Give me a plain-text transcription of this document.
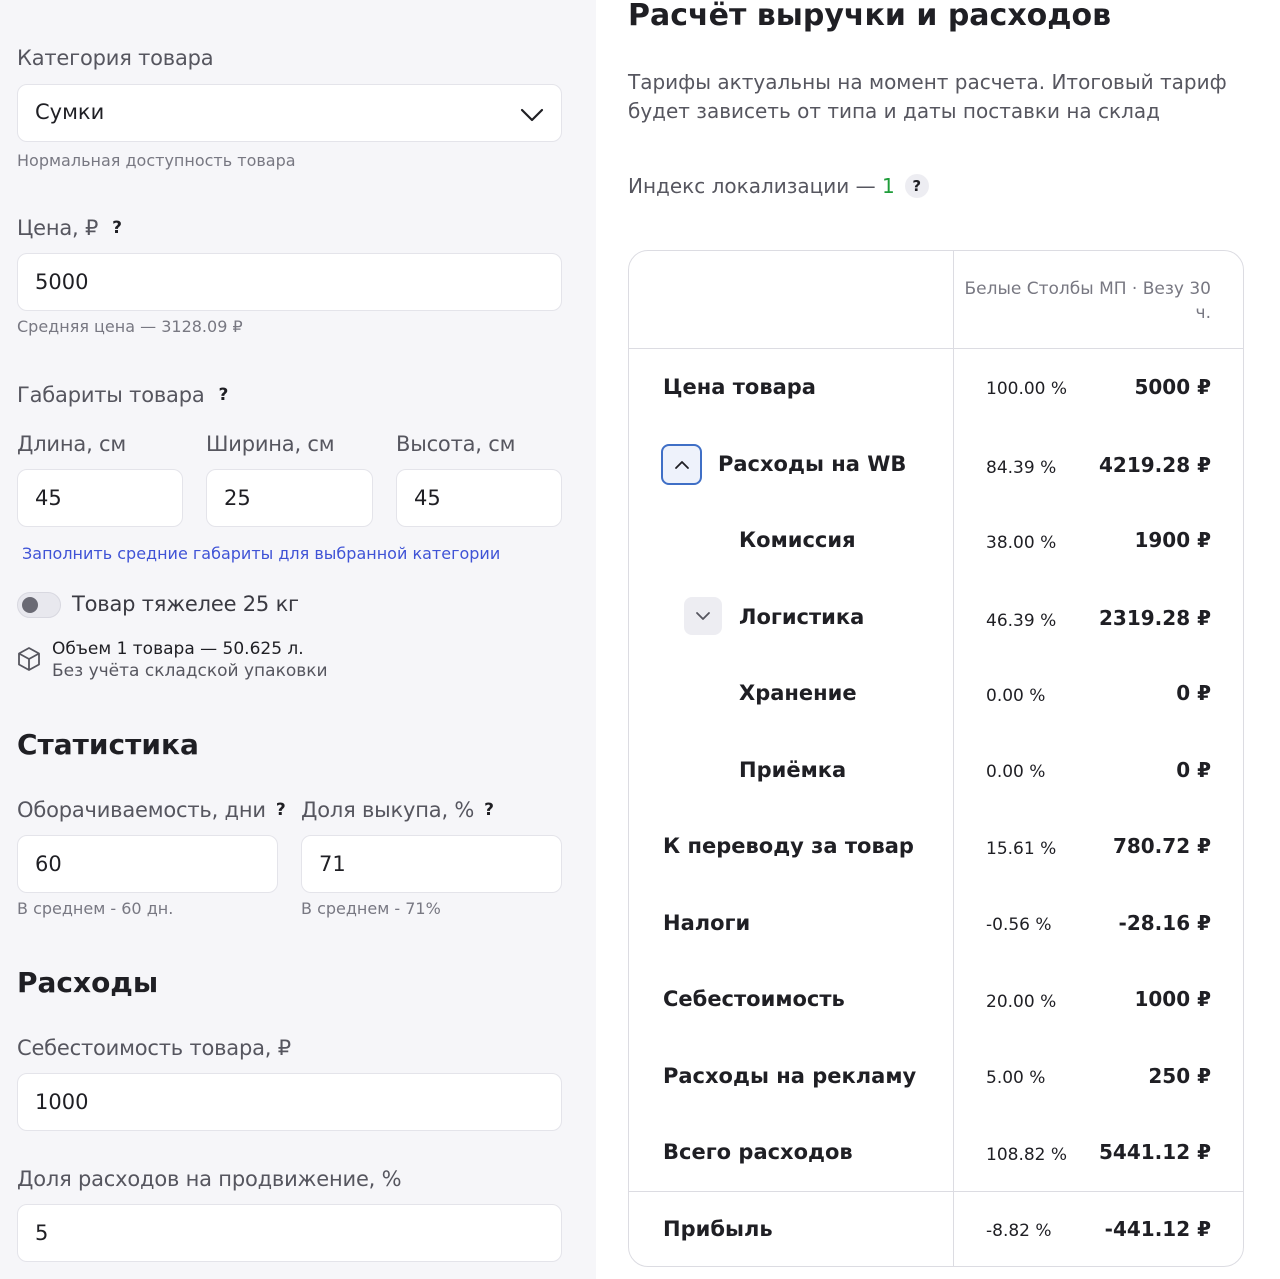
Категория товара
Сумки
Нормальная доступность товара
Цена, ₽ ?
5000
Средняя цена — 3128.09 ₽
Габариты товара ?
Длина, см	Ширина, см	Высота, см
45
25
45
Заполнить средние габариты для выбранной категории
Товар тяжелее 25 кг
Объем 1 товара — 50.625 л.
Без учёта складской упаковки
Статистика
Оборачиваемость, дни ? Доля выкупа, % ?
60
71
В среднем - 60 дн.	В среднем - 71%
Расходы
Себестоимость товара, ₽
1000
Доля расходов на продвижение, %
5
Расчёт выручки и расходов
Тарифы актуальны на момент расчета. Итоговый тариф будет зависеть от типа и даты поставки на склад
Индекс локализации — 1 ?
Белые Столбы МП · Везу 30 ч.
Цена товара	100.00 %	5000 ₽
Расходы на WB	84.39 % 4219.28 ₽
Комиссия	38.00 %	1900 ₽
Логистика	46.39 % 2319.28 ₽
Хранение	0.00 %	0 ₽
Приёмка	0.00 %	0 ₽
К переводу за товар	15.61 %	780.72 ₽
Налоги	-0.56 %	-28.16 ₽
Себестоимость	20.00 %	1000 ₽
Расходы на рекламу	5.00 %	250 ₽
Всего расходов	108.82 % 5441.12 ₽
Прибыль	-8.82 %	-441.12 ₽
